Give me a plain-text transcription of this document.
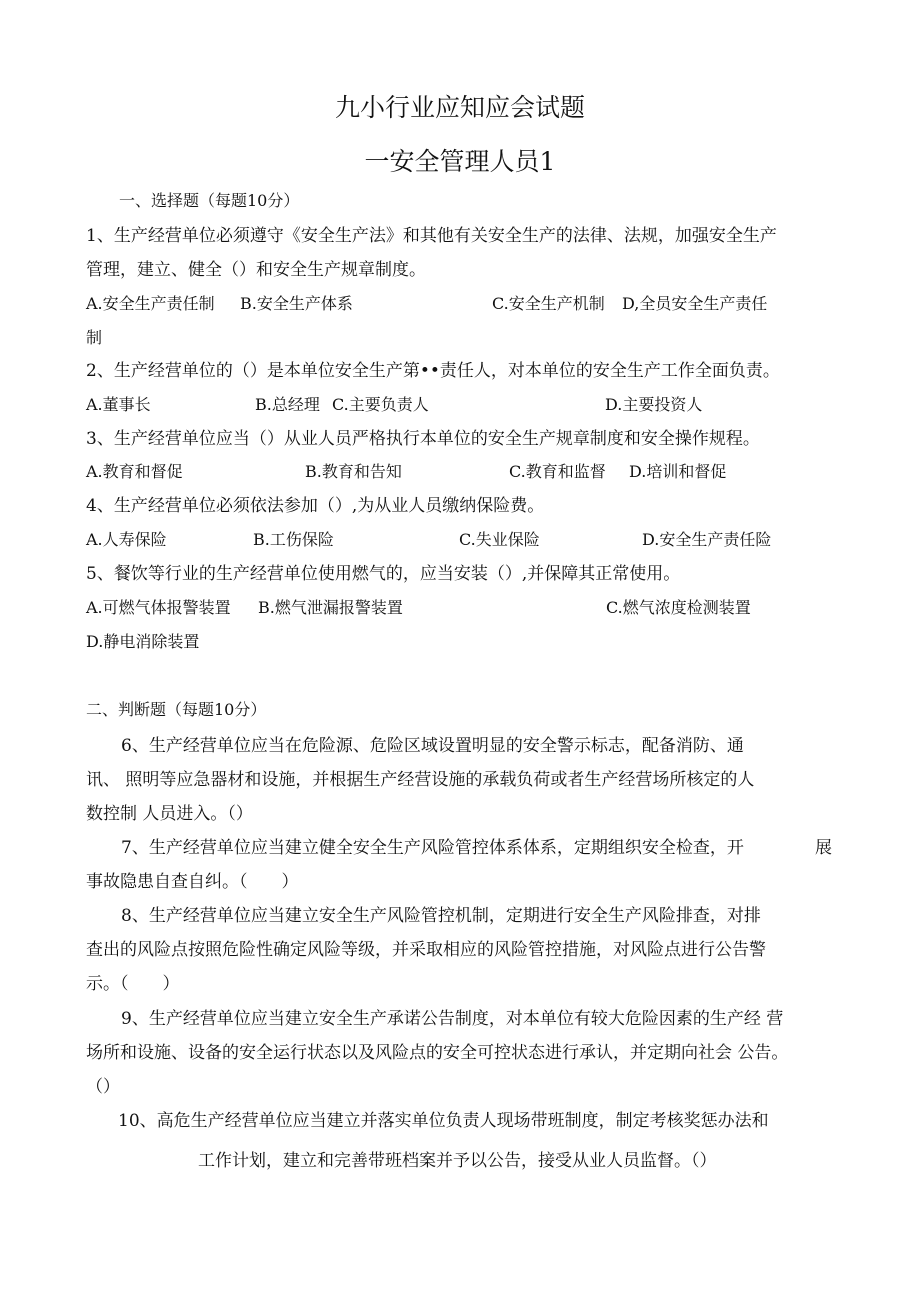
九小行业应知应会试题
一安全管理人员1
一、选择题（每题10分）
1、生产经营单位必须遵守《安全生产法》和其他有关安全生产的法律、法规，加强安全生产
管理，建立、健全（）和安全生产规章制度。
A.安全生产责任制 B.安全生产体系	C.安全生产机制 D,全员安全生产责任
制
2、生产经营单位的（）是本单位安全生产第••责任人，对本单位的安全生产工作全面负责。
A.董事长	B.总经理 C.主要负责人	D.主要投资人
3、生产经营单位应当（）从业人员严格执行本单位的安全生产规章制度和安全操作规程。
A.教育和督促	B.教育和告知	C.教育和监督 D.培训和督促
4、生产经营单位必须依法参加（）,为从业人员缴纳保险费。
A.人寿保险	B.工伤保险	C.失业保险	D.安全生产责任险
5、餐饮等行业的生产经营单位使用燃气的，应当安装（）,并保障其正常使用。
A.可燃气体报警装置 B.燃气泄漏报警装置	C.燃气浓度检测装置
D.静电消除装置
二、判断题（每题10分）
6、生产经营单位应当在危险源、危险区域设置明显的安全警示标志，配备消防、通
讯、 照明等应急器材和设施，并根据生产经营设施的承载负荷或者生产经营场所核定的人
数控制 人员进入。（）
7、生产经营单位应当建立健全安全生产风险管控体系体系，定期组织安全检查，开	展
事故隐患自查自纠。（　　）
8、生产经营单位应当建立安全生产风险管控机制，定期进行安全生产风险排查，对排
查出的风险点按照危险性确定风险等级，并采取相应的风险管控措施，对风险点进行公告警
示。（　　）
9、生产经营单位应当建立安全生产承诺公告制度，对本单位有较大危险因素的生产经 营
场所和设施、设备的安全运行状态以及风险点的安全可控状态进行承认，并定期向社会 公告。
（）
10、高危生产经营单位应当建立并落实单位负责人现场带班制度，制定考核奖惩办法和
工作计划，建立和完善带班档案并予以公告，接受从业人员监督。（）
